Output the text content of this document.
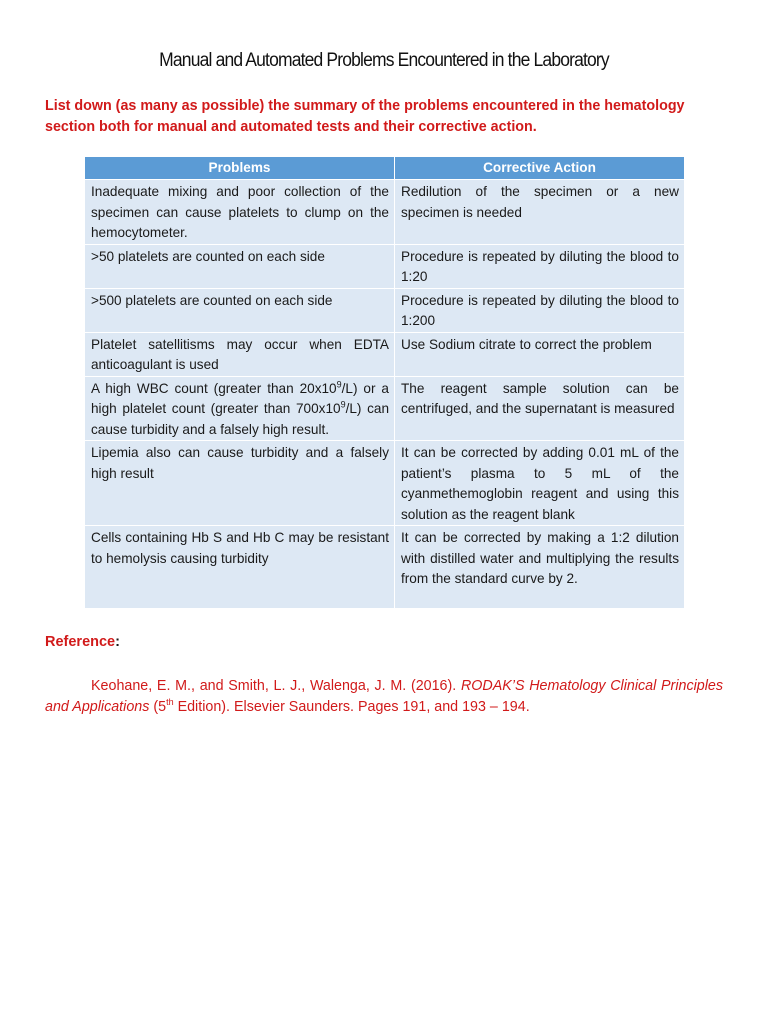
Manual and Automated Problems Encountered in the Laboratory
List down (as many as possible) the summary of the problems encountered in the hematology section both for manual and automated tests and their corrective action.
Problems	Corrective Action
Inadequate mixing and poor collection of the specimen can cause platelets to clump on the hemocytometer.	Redilution of the specimen or a new specimen is needed
>50 platelets are counted on each side	Procedure is repeated by diluting the blood to 1:20
>500 platelets are counted on each side	Procedure is repeated by diluting the blood to 1:200
Platelet satellitisms may occur when EDTA anticoagulant is used	Use Sodium citrate to correct the problem
A high WBC count (greater than $20x10^9/L$) or a high platelet count (greater than $700x10^9/L$) can cause turbidity and a falsely high result.	The reagent sample solution can be centrifuged, and the supernatant is measured
Lipemia also can cause turbidity and a falsely high result	It can be corrected by adding 0.01 mL of the patient’s plasma to 5 mL of the cyanmethemoglobin reagent and using this solution as the reagent blank
Cells containing Hb S and Hb C may be resistant to hemolysis causing turbidity	It can be corrected by making a 1:2 dilution with distilled water and multiplying the results from the standard curve by 2.
Reference:
Keohane, E. M., and Smith, L. J., Walenga, J. M. (2016). RODAK’S Hematology Clinical Principles and Applications (5th Edition). Elsevier Saunders. Pages 191, and 193 – 194.
